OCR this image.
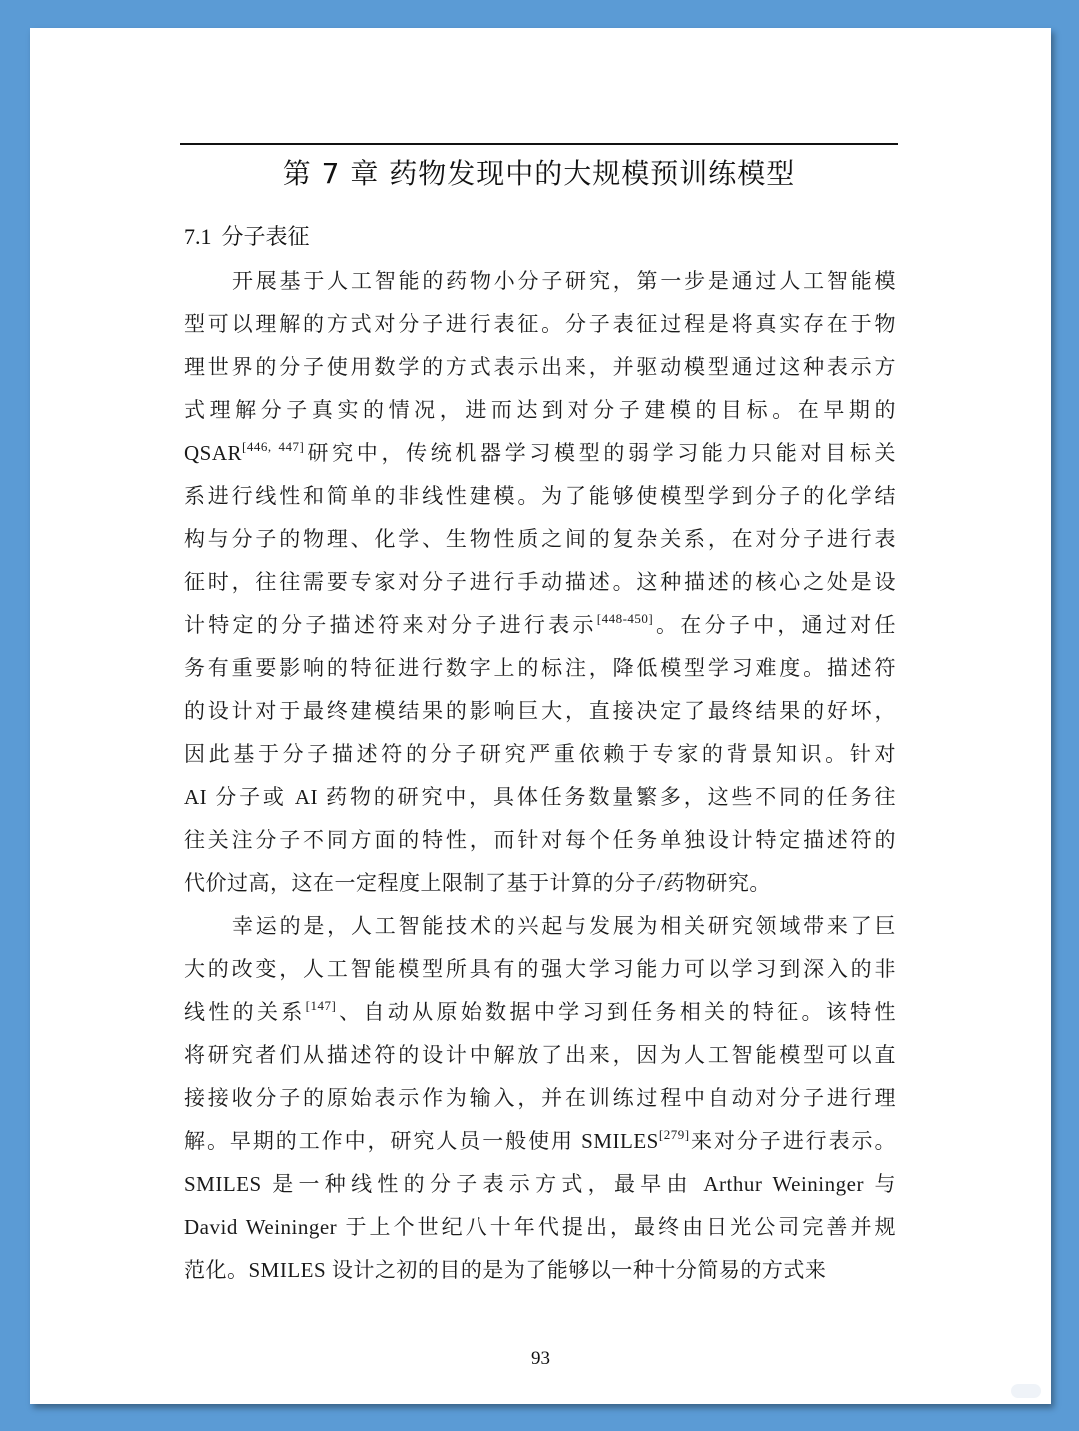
第 7 章 药物发现中的大规模预训练模型
7.1 分子表征
开展基于人工智能的药物小分子研究，第一步是通过人工智能模
型可以理解的方式对分子进行表征。分子表征过程是将真实存在于物
理世界的分子使用数学的方式表示出来，并驱动模型通过这种表示方
式理解分子真实的情况，进而达到对分子建模的目标。在早期的
QSAR[446, 447]研究中，传统机器学习模型的弱学习能力只能对目标关
系进行线性和简单的非线性建模。为了能够使模型学到分子的化学结
构与分子的物理、化学、生物性质之间的复杂关系，在对分子进行表
征时，往往需要专家对分子进行手动描述。这种描述的核心之处是设
计特定的分子描述符来对分子进行表示[448-450]。在分子中，通过对任
务有重要影响的特征进行数字上的标注，降低模型学习难度。描述符
的设计对于最终建模结果的影响巨大，直接决定了最终结果的好坏，
因此基于分子描述符的分子研究严重依赖于专家的背景知识。针对
AI 分子或 AI 药物的研究中，具体任务数量繁多，这些不同的任务往
往关注分子不同方面的特性，而针对每个任务单独设计特定描述符的
代价过高，这在一定程度上限制了基于计算的分子/药物研究。
幸运的是，人工智能技术的兴起与发展为相关研究领域带来了巨
大的改变，人工智能模型所具有的强大学习能力可以学习到深入的非
线性的关系[147]、自动从原始数据中学习到任务相关的特征。该特性
将研究者们从描述符的设计中解放了出来，因为人工智能模型可以直
接接收分子的原始表示作为输入，并在训练过程中自动对分子进行理
解。早期的工作中，研究人员一般使用 SMILES[279]来对分子进行表示。
SMILES 是一种线性的分子表示方式，最早由 Arthur Weininger 与
David Weininger 于上个世纪八十年代提出，最终由日光公司完善并规
范化。SMILES 设计之初的目的是为了能够以一种十分简易的方式来
93
